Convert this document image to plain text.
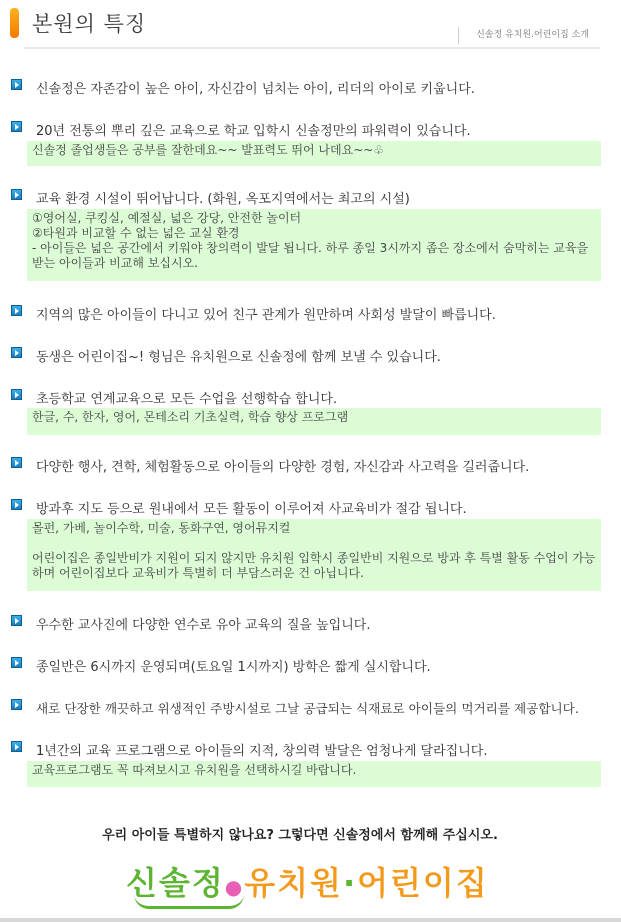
본원의 특징	신솔정 유치원.어린이집 소개
신솔정은 자존감이 높은 아이, 자신감이 넘치는 아이, 리더의 아이로 키웁니다.
20년 전통의 뿌리 깊은 교육으로 학교 입학시 신솔정만의 파워력이 있습니다.
신솔정 졸업생들은 공부를 잘한데요~~ 발표력도 뛰어 나데요~~♧
교육 환경 시설이 뛰어납니다. (화원, 옥포지역에서는 최고의 시설)
①영어실, 쿠킹실, 예절실, 넓은 강당, 안전한 놀이터
②타원과 비교할 수 없는 넓은 교실 환경
- 아이들은 넓은 공간에서 키워야 창의력이 발달 됩니다. 하루 종일 3시까지 좁은 장소에서 숨막히는 교육을 받는 아이들과 비교해 보십시오.
지역의 많은 아이들이 다니고 있어 친구 관계가 원만하며 사회성 발달이 빠릅니다.
동생은 어린이집~! 형님은 유치원으로 신솔정에 함께 보낼 수 있습니다.
초등학교 연계교육으로 모든 수업을 선행학습 합니다.
한글, 수, 한자, 영어, 몬테소리 기초실력, 학습 향상 프로그램
다양한 행사, 견학, 체험활동으로 아이들의 다양한 경험, 자신감과 사고력을 길러줍니다.
방과후 지도 등으로 원내에서 모든 활동이 이루어져 사교육비가 절감 됩니다.
몰펀, 가베, 놀이수학, 미술, 동화구연, 영어뮤지컬
어린이집은 종일반비가 지원이 되지 않지만 유치원 입학시 종일반비 지원으로 방과 후 특별 활동 수업이 가능하며 어린이집보다 교육비가 특별히 더 부담스러운 건 아닙니다.
우수한 교사진에 다양한 연수로 유아 교육의 질을 높입니다.
종일반은 6시까지 운영되며(토요일 1시까지) 방학은 짧게 실시합니다.
새로 단장한 깨끗하고 위생적인 주방시설로 그날 공급되는 식재료로 아이들의 먹거리를 제공합니다.
1년간의 교육 프로그램으로 아이들의 지적, 창의력 발달은 엄청나게 달라집니다.
교육프로그램도 꼭 따져보시고 유치원을 선택하시길 바랍니다.
우리 아이들 특별하지 않나요? 그렇다면 신솔정에서 함께해 주십시오.
신솔정●유치원·어린이집
